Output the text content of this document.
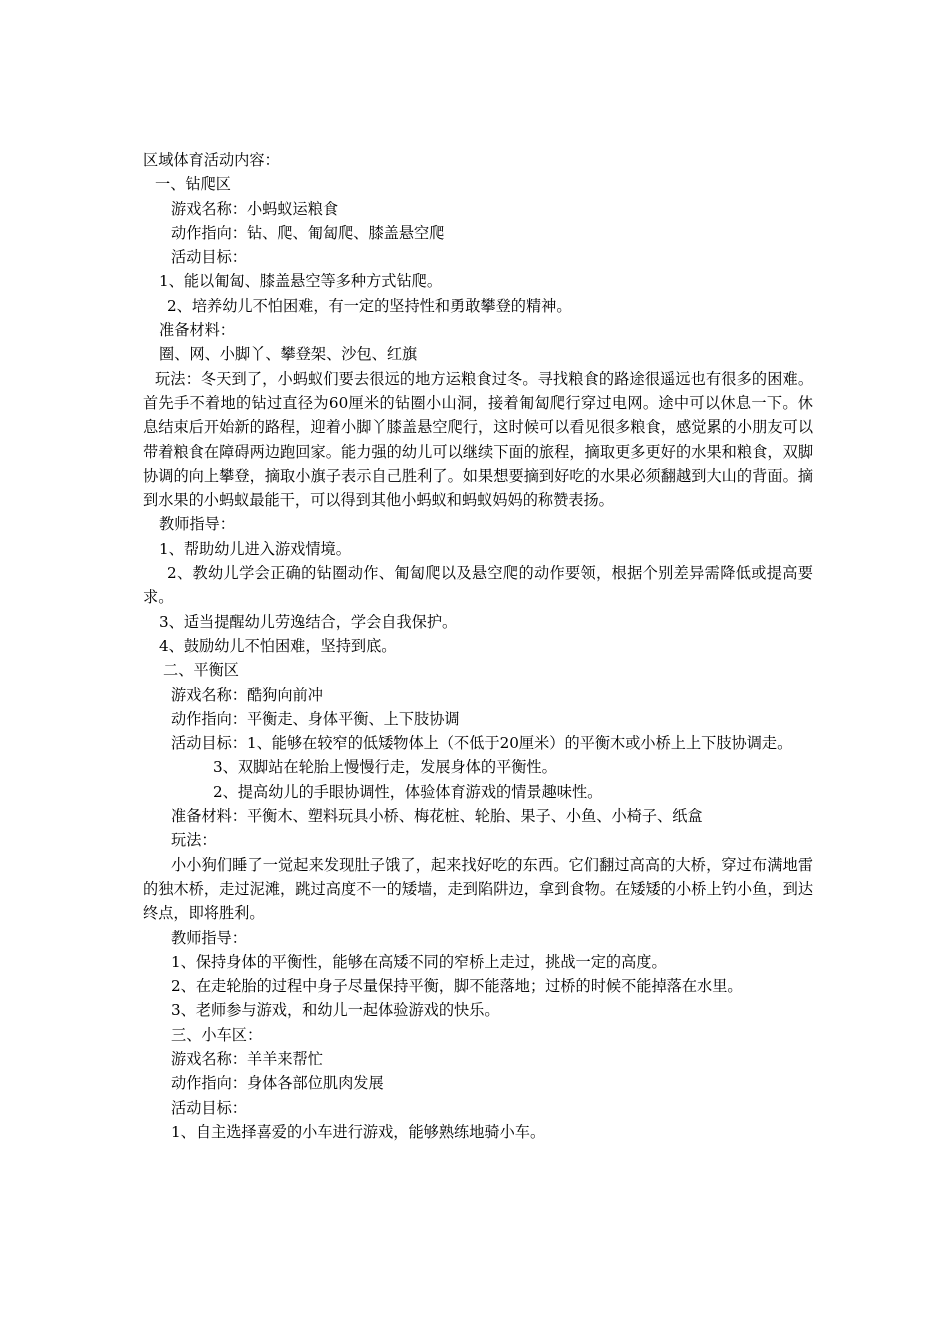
区域体育活动内容：

一、钻爬区

游戏名称：小蚂蚁运粮食

动作指向：钻、爬、匍匐爬、膝盖悬空爬

活动目标：

1、能以匍匐、膝盖悬空等多种方式钻爬。

2、培养幼儿不怕困难，有一定的坚持性和勇敢攀登的精神。

准备材料：

圈、网、小脚丫、攀登架、沙包、红旗

玩法：冬天到了，小蚂蚁们要去很远的地方运粮食过冬。寻找粮食的路途很遥远也有很多的困难。首先手不着地的钻过直径为60厘米的钻圈小山洞，接着匍匐爬行穿过电网。途中可以休息一下。休息结束后开始新的路程，迎着小脚丫膝盖悬空爬行，这时候可以看见很多粮食，感觉累的小朋友可以带着粮食在障碍两边跑回家。能力强的幼儿可以继续下面的旅程，摘取更多更好的水果和粮食，双脚协调的向上攀登，摘取小旗子表示自己胜利了。如果想要摘到好吃的水果必须翻越到大山的背面。摘到水果的小蚂蚁最能干，可以得到其他小蚂蚁和蚂蚁妈妈的称赞表扬。

教师指导：

1、帮助幼儿进入游戏情境。

2、教幼儿学会正确的钻圈动作、匍匐爬以及悬空爬的动作要领，根据个别差异需降低或提高要求。

3、适当提醒幼儿劳逸结合，学会自我保护。

4、鼓励幼儿不怕困难，坚持到底。

二、平衡区

游戏名称：酷狗向前冲

动作指向：平衡走、身体平衡、上下肢协调

活动目标：1、能够在较窄的低矮物体上（不低于20厘米）的平衡木或小桥上上下肢协调走。

3、双脚站在轮胎上慢慢行走，发展身体的平衡性。

2、提高幼儿的手眼协调性，体验体育游戏的情景趣味性。

准备材料：平衡木、塑料玩具小桥、梅花桩、轮胎、果子、小鱼、小椅子、纸盒

玩法：

小小狗们睡了一觉起来发现肚子饿了，起来找好吃的东西。它们翻过高高的大桥，穿过布满地雷的独木桥，走过泥滩，跳过高度不一的矮墙，走到陷阱边，拿到食物。在矮矮的小桥上钓小鱼，到达终点，即将胜利。

教师指导：

1、保持身体的平衡性，能够在高矮不同的窄桥上走过，挑战一定的高度。

2、在走轮胎的过程中身子尽量保持平衡，脚不能落地；过桥的时候不能掉落在水里。

3、老师参与游戏，和幼儿一起体验游戏的快乐。

三、小车区：

游戏名称：羊羊来帮忙

动作指向：身体各部位肌肉发展

活动目标：

1、自主选择喜爱的小车进行游戏，能够熟练地骑小车。
